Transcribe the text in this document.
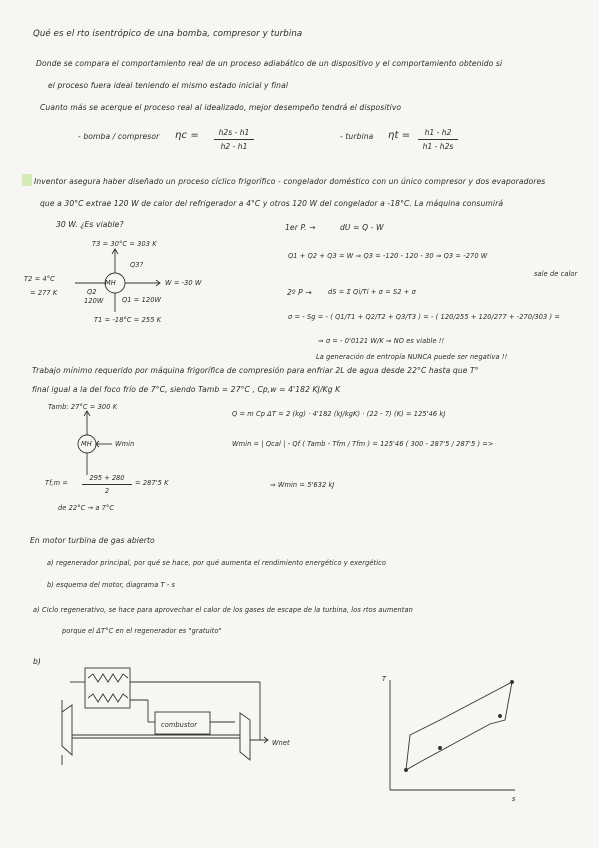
Qué es el rto isentrópico de una bomba, compresor y turbina
Donde se compara el comportamiento real de un proceso adiabático de un dispositivo y el comportamiento obtenido si
el proceso fuera ideal teniendo el mismo estado inicial y final
Cuanto más se acerque el proceso real al idealizado, mejor desempeño tendrá el dispositivo
- bomba / compresor ηc =	h2s - h1
h2 - h1
- turbina ηt = h1 - h2
h1 - h2s
Inventor asegura haber diseñado un proceso cíclico frigorífico - congelador doméstico con un único compresor y dos evaporadores
que a 30°C extrae 120 W de calor del refrigerador a 4°C y otros 120 W del congelador a -18°C. La máquina consumirá
30 W. ¿Es viable?
T3 = 30°C = 303 K
Q3?
T2 = 4°C
= 277 K
MH	W = -30 W
Q2
120W	Q1 = 120W
T1 = -18°C = 255 K
1er P. →	dU = Q - W
Q1 + Q2 + Q3 = W ⇒ Q3 = -120 - 120 - 30 ⇒ Q3 = -270 W
sale de calor
2º P → dS = Σ Qi/Ti + σ = S2 + σ
σ = - Sg = - ( Q1/T1 + Q2/T2 + Q3/T3 ) = - ( 120/255 + 120/277 + -270/303 ) =
⇒ σ = - 0'0121 W/K ⇒ NO es viable !!
La generación de entropía NUNCA puede ser negativa !!
Trabajo mínimo requerido por máquina frigorífica de compresión para enfriar 2L de agua desde 22°C hasta que T°
final igual a la del foco frío de 7°C, siendo Tamb = 27°C , Cp,w = 4'182 KJ/Kg K
Tamb: 27°C = 300 K
MH	Wmin
Tf,m =
295 + 280
2
= 287'5 K
de 22°C → a 7°C
Q = m Cp ΔT = 2 (kg) · 4'182 (kJ/kgK) · (22 - 7) (K) = 125'46 kJ
Wmin = | Qcal | - Qf ( Tamb - Tfm / Tfm ) = 125'46 ( 300 - 287'5 / 287'5 ) =>
⇒ Wmin = 5'632 kJ
En motor turbina de gas abierto
a) regenerador principal, por qué se hace, por qué aumenta el rendimiento energético y exergético
b) esquema del motor, diagrama T - s
a) Ciclo regenerativo, se hace para aprovechar el calor de los gases de escape de la turbina, los rtos aumentan
porque el ΔT°C en el regenerador es "gratuito"
b)
combustor
Wnet
T
s
